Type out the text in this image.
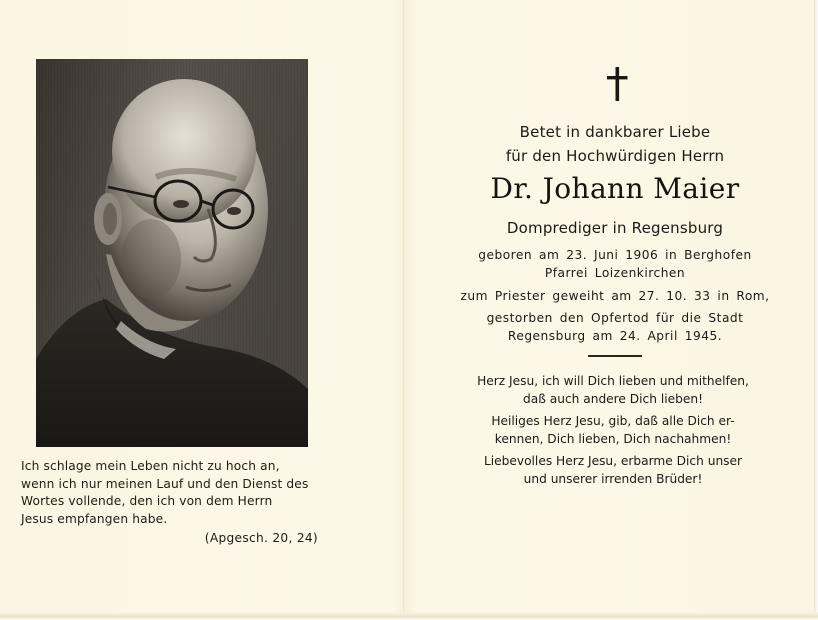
Ich schlage mein Leben nicht zu hoch an,
wenn ich nur meinen Lauf und den Dienst des
Wortes vollende, den ich von dem Herrn
Jesus empfangen habe.
(Apgesch. 20, 24)
Betet in dankbarer Liebe
für den Hochwürdigen Herrn
Dr. Johann Maier
Domprediger in Regensburg
geboren am 23. Juni 1906 in Berghofen
Pfarrei Loizenkirchen
zum Priester geweiht am 27. 10. 33 in Rom,
gestorben den Opfertod für die Stadt
Regensburg am 24. April 1945.
Herz Jesu, ich will Dich lieben und mithelfen,
daß auch andere Dich lieben!
Heiliges Herz Jesu, gib, daß alle Dich er-
kennen, Dich lieben, Dich nachahmen!
Liebevolles Herz Jesu, erbarme Dich unser
und unserer irrenden Brüder!
